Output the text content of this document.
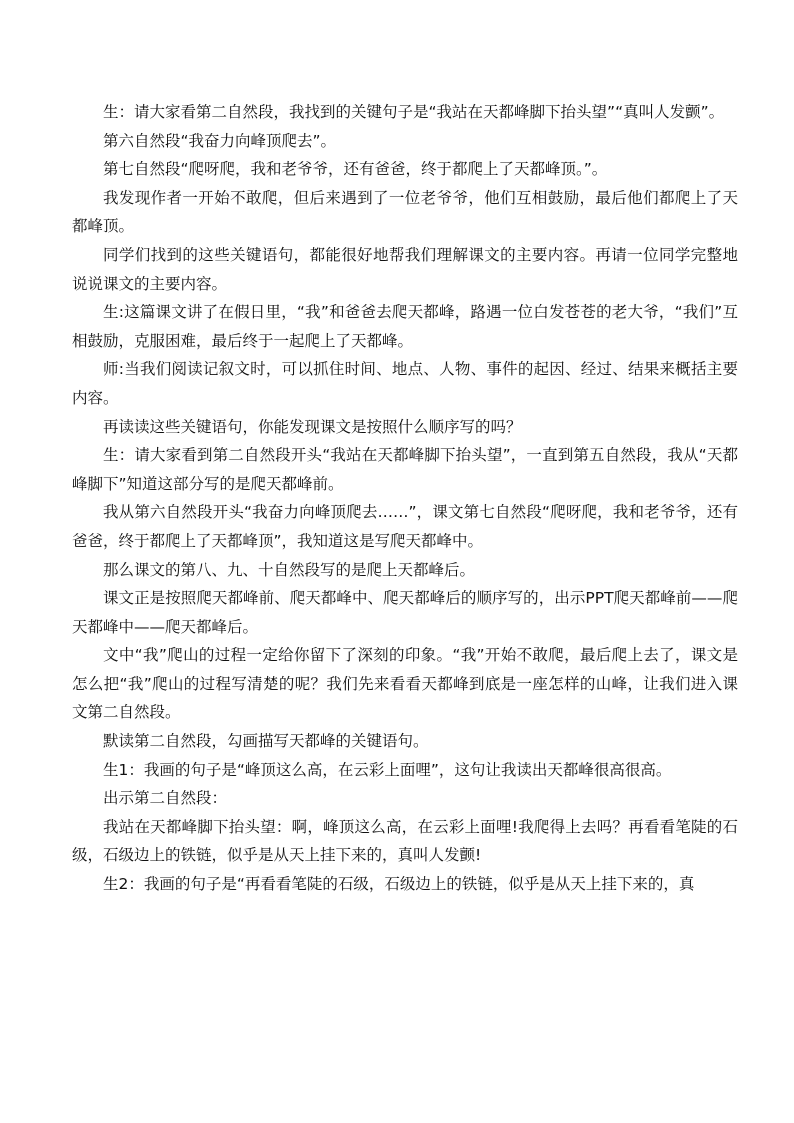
生：请大家看第二自然段，我找到的关键句子是“我站在天都峰脚下抬头望”“真叫人发颤”。

第六自然段“我奋力向峰顶爬去”。

第七自然段“爬呀爬，我和老爷爷，还有爸爸，终于都爬上了天都峰顶。”。

我发现作者一开始不敢爬，但后来遇到了一位老爷爷，他们互相鼓励，最后他们都爬上了天都峰顶。

同学们找到的这些关键语句，都能很好地帮我们理解课文的主要内容。再请一位同学完整地说说课文的主要内容。

生:这篇课文讲了在假日里，“我”和爸爸去爬天都峰，路遇一位白发苍苍的老大爷，“我们”互相鼓励，克服困难，最后终于一起爬上了天都峰。

师:当我们阅读记叙文时，可以抓住时间、地点、人物、事件的起因、经过、结果来概括主要内容。

再读读这些关键语句，你能发现课文是按照什么顺序写的吗？

生：请大家看到第二自然段开头“我站在天都峰脚下抬头望”，一直到第五自然段，我从“天都峰脚下”知道这部分写的是爬天都峰前。

我从第六自然段开头“我奋力向峰顶爬去……”，课文第七自然段“爬呀爬，我和老爷爷，还有爸爸，终于都爬上了天都峰顶”，我知道这是写爬天都峰中。

那么课文的第八、九、十自然段写的是爬上天都峰后。

课文正是按照爬天都峰前、爬天都峰中、爬天都峰后的顺序写的，出示PPT爬天都峰前——爬天都峰中——爬天都峰后。

文中“我”爬山的过程一定给你留下了深刻的印象。“我”开始不敢爬，最后爬上去了，课文是怎么把“我”爬山的过程写清楚的呢？我们先来看看天都峰到底是一座怎样的山峰，让我们进入课文第二自然段。

默读第二自然段，勾画描写天都峰的关键语句。

生1：我画的句子是“峰顶这么高，在云彩上面哩”，这句让我读出天都峰很高很高。

出示第二自然段：

我站在天都峰脚下抬头望：啊，峰顶这么高，在云彩上面哩!我爬得上去吗？再看看笔陡的石级，石级边上的铁链，似乎是从天上挂下来的，真叫人发颤!

生2：我画的句子是“再看看笔陡的石级，石级边上的铁链，似乎是从天上挂下来的，真
